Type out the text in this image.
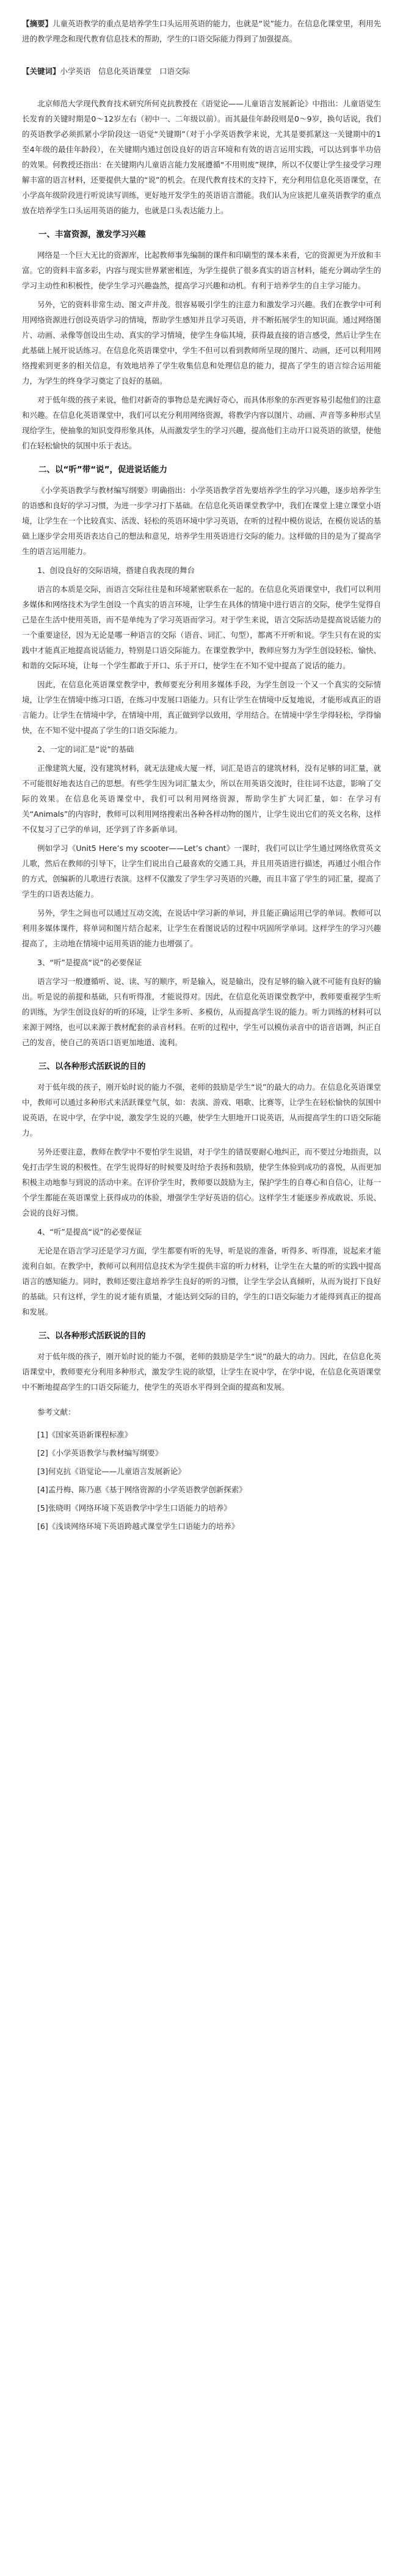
【摘要】儿童英语教学的重点是培养学生口头运用英语的能力，也就是“说”能力。在信息化课堂里，利用先进的教学理念和现代教育信息技术的帮助，学生的口语交际能力得到了加强提高。

【关键词】小学英语　信息化英语课堂　口语交际

北京师范大学现代教育技术研究所何克抗教授在《语觉论——儿童语言发展新论》中指出：儿童语觉生长发育的关键时期是0～12岁左右（初中一、二年级以前）。而其最佳年龄段则是0～9岁，换句话说，我们的英语教学必须抓紧小学阶段这一语觉“关键期”（对于小学英语教学来说，尤其是要抓紧这一关键期中的1至4年级的最佳年龄段），在关键期内通过创设良好的语言环境和有效的语言运用实践，可以达到事半功倍的效果。何教授还指出：在关键期内儿童语言能力发展遵循“不用则废”规律，所以不仅要让学生接受学习理解丰富的语言材料，还要提供大量的“说”的机会。在现代教育技术的支持下，充分利用信息化英语课堂，在小学高年级阶段进行听说读写训练，更好地开发学生的英语语言潜能。我们认为应该把儿童英语教学的重点放在培养学生口头运用英语的能力，也就是口头表达能力上。

一、丰富资源，激发学习兴趣

网络是一个巨大无比的资源库，比起教师事先编制的课件和印刷型的课本来看，它的资源更为开放和丰富。它的资料丰富多彩，内容与现实世界紧密相连，为学生提供了很多真实的语言材料，能充分调动学生的学习主动性和积极性，使学生学习兴趣盎然，提高学习兴趣和动机。有利于培养学生的自主学习能力。

另外，它的资料非常生动、图文声并茂。很容易吸引学生的注意力和激发学习兴趣。我们在教学中可利用网络资源进行创设英语学习的情境，帮助学生感知并且学习英语，并不断拓展学生的知识面。通过网络图片、动画、录像等创设出生动、真实的学习情境，使学生身临其境，获得最直接的语言感受，然后让学生在此基础上展开说话练习。在信息化英语课堂中，学生不但可以看到教师所呈现的图片、动画，还可以利用网络搜索到更多的相关信息，有效地培养了学生收集信息和处理信息的能力，提高了学生的语言综合运用能力，为学生的终身学习奠定了良好的基础。

对于低年级的孩子来说，他们对新奇的事物总是充满好奇心，而具体形象的东西更容易引起他们的注意和兴趣。在信息化英语课堂中，我们可以充分利用网络资源，将教学内容以图片、动画、声音等多种形式呈现给学生，使抽象的知识变得形象具体，从而激发学生的学习兴趣，提高他们主动开口说英语的欲望，使他们在轻松愉快的氛围中乐于表达。

二、以“听”带“说”，促进说话能力

《小学英语教学与教材编写纲要》明确指出：小学英语教学首先要培养学生的学习兴趣，逐步培养学生的语感和良好的学习习惯，为进一步学习打下基础。在信息化英语课堂教学中，我们在课堂上建立课堂小语境，让学生在一个比较真实、活泼、轻松的英语环境中学习英语，在听的过程中模仿说话，在模仿说话的基础上逐步学会用英语表达自己的想法和意见，培养学生用英语进行交际的能力。这样做的目的是为了提高学生的语言运用能力。

1、创设良好的交际语境，搭建自我表现的舞台

语言的本质是交际，而语言交际往往是和环境紧密联系在一起的。在信息化英语课堂中，我们可以利用多媒体和网络技术为学生创设一个真实的语言环境，让学生在具体的情境中进行语言的交际，使学生觉得自己是在生活中使用英语，而不是单纯为了学习英语而学习。对于学生来说，语言交际活动是提高说话能力的一个重要途径，因为无论是哪一种语言的交际（语音、词汇、句型），都离不开听和说。学生只有在说的实践中才能真正地提高说话能力，特别是口语交际能力。在课堂教学中，教师应努力为学生创设轻松、愉快、和谐的交际环境，让每一个学生都敢于开口、乐于开口，使学生在不知不觉中提高了说话的能力。

因此，在信息化英语课堂教学中，教师要充分利用多媒体手段，为学生创设一个又一个真实的交际情境，让学生在情境中练习口语，在练习中发展口语能力。只有让学生在情境中反复地说，才能形成真正的语言能力。让学生在情境中学，在情境中用，真正做到学以致用，学用结合。在情境中学生学得轻松，学得愉快，在不知不觉中提高了学生的口语交际能力。

2、一定的词汇是“说”的基础

正像建筑大厦，没有建筑材料，就无法建成大厦一样，词汇是语言的建筑材料，没有足够的词汇量，就不可能很好地表达自己的思想。有些学生因为词汇量太少，所以在用英语交流时，往往词不达意，影响了交际的效果。在信息化英语课堂中，我们可以利用网络资源，帮助学生扩大词汇量，如：在学习有关“Animals”的内容时，教师可以利用网络搜索出各种各样动物的图片，让学生说出它们的英文名称，这样不仅复习了已学的单词，还学到了许多新单词。

例如学习《Unit5 Here’s my scooter——Let’s chant》一课时，我们可以让学生通过网络欣赏英文儿歌，然后在教师的引导下，让学生们说出自己最喜欢的交通工具，并且用英语进行描述，再通过小组合作的方式，创编新的儿歌进行表演。这样不仅激发了学生学习英语的兴趣，而且丰富了学生的词汇量，提高了学生的口语表达能力。

另外，学生之间也可以通过互动交流，在说话中学习新的单词，并且能正确运用已学的单词。教师可以利用多媒体课件，将单词和图片结合起来，让学生在看图说话的过程中巩固所学单词。这样学生的学习兴趣提高了，主动地在情境中运用英语的能力也增强了。

3、“听”是提高“说”的必要保证

语言学习一般遵循听、说、读、写的顺序，听是输入，说是输出，没有足够的输入就不可能有良好的输出。听是说的前提和基础，只有听得准，才能说得对。因此，在信息化英语课堂教学中，教师要重视学生听的训练，为学生创设良好的听的环境，让学生多听、多模仿，从而提高学生说的能力。听力训练的材料可以来源于网络，也可以来源于教材配套的录音材料。在听的过程中，学生可以模仿录音中的语音语调，纠正自己的发音，使自己的英语口语更加地道、流利。

三、以各种形式活跃说的目的

对于低年级的孩子，刚开始时说的能力不强，老师的鼓励是学生“说”的最大的动力。在信息化英语课堂中，教师可以通过多种形式来活跃课堂气氛，如：表演、游戏、唱歌、比赛等，让学生在轻松愉快的氛围中说英语，在说中学，在学中说，激发学生说的兴趣，使学生大胆地开口说英语，从而提高学生的口语交际能力。

另外还要注意，教师在教学中不要怕学生说错，对于学生的错误要耐心地纠正，而不要过分地指责，以免打击学生说的积极性。在学生说得好的时候要及时给予表扬和鼓励，使学生体验到成功的喜悦，从而更加积极主动地参与到说的活动中来。在评价学生时，教师要以鼓励为主，保护学生的自尊心和自信心，让每一个学生都能在英语课堂上获得成功的体验，增强学生学好英语的信心。这样学生才能逐步养成敢说、乐说、会说的良好习惯。

4、“听”是提高“说”的必要保证

无论是在语言学习还是学习方面，学生都要有听的先导，听是说的准备，听得多、听得准，说起来才能流利自如。在教学中，教师可以利用信息技术为学生提供丰富的听力材料，让学生在大量的听的实践中提高语言的感知能力。同时，教师还要注意培养学生良好的听的习惯，让学生学会认真倾听，从而为说打下良好的基础。只有这样，学生的说才能有质量，才能达到交际的目的，学生的口语交际能力才能得到真正的提高和发展。

三、以各种形式活跃说的目的

对于低年级的孩子，刚开始时说的能力不强，老师的鼓励是学生“说”的最大的动力。因此，在信息化英语课堂中，教师要充分利用多种形式，激发学生说的欲望，让学生在说中学，在学中说，在信息化英语课堂中不断地提高学生的口语交际能力，使学生的英语水平得到全面的提高和发展。

参考文献：
[1]《国家英语新课程标准》
[2]《小学英语教学与教材编写纲要》
[3]何克抗《语觉论——儿童语言发展新论》
[4]孟丹梅、陈乃惠《基于网络资源的小学英语教学创新探索》
[5]张晓明《网络环境下英语教学中学生口语能力的培养》
[6]《浅谈网络环境下英语跨越式课堂学生口语能力的培养》
